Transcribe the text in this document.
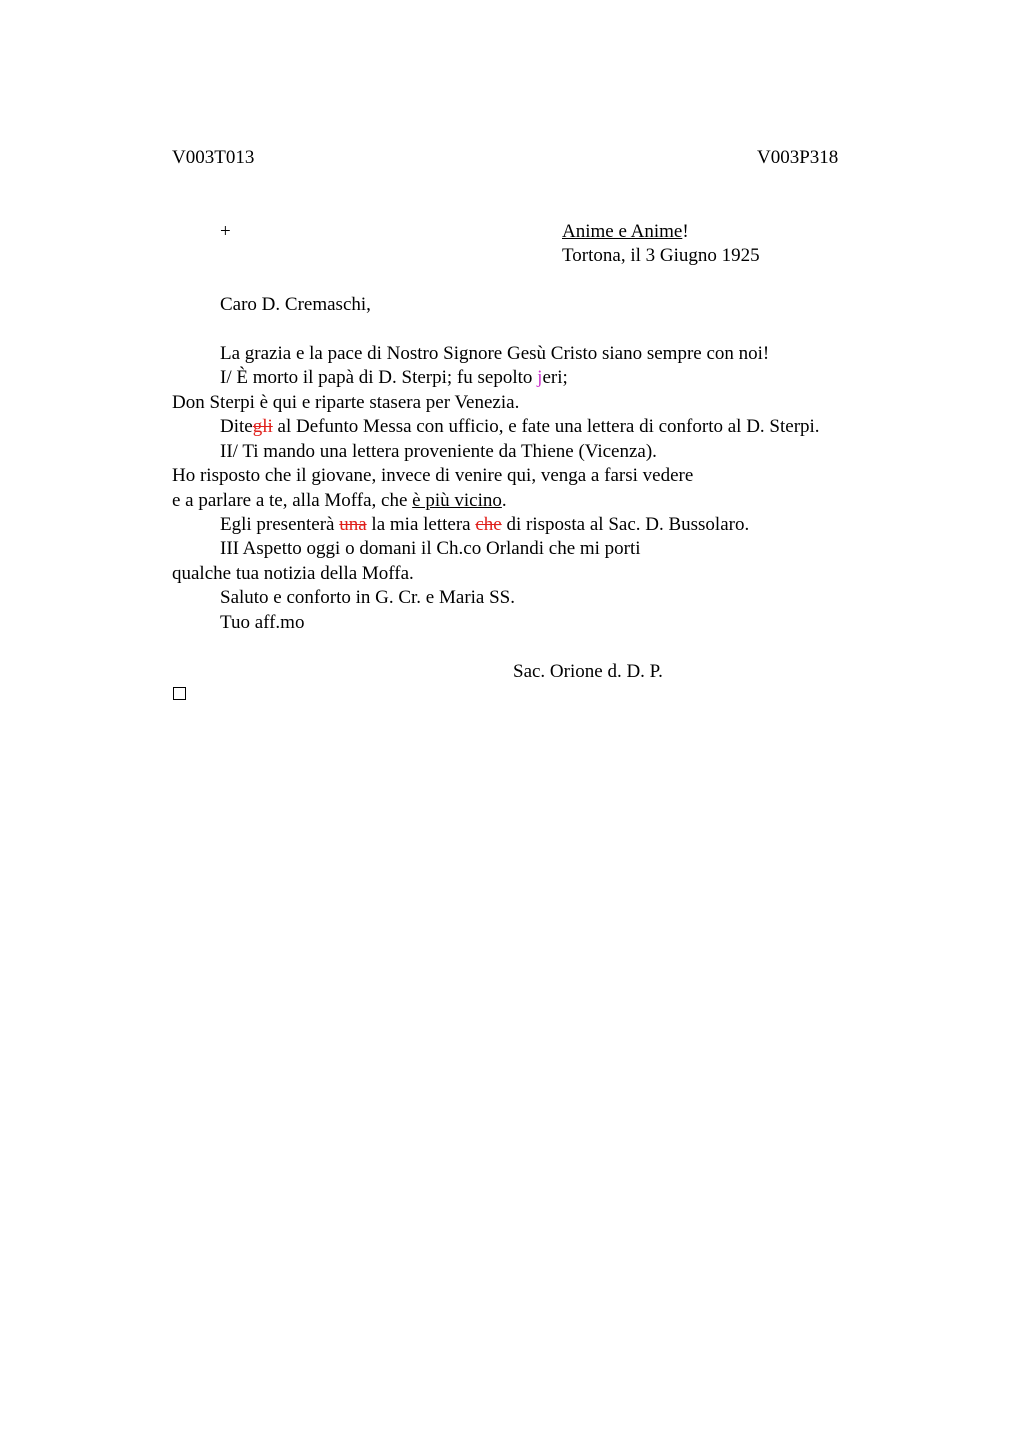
V003T013	V003P318
+	Anime e Anime!
Tortona, il 3 Giugno 1925
Caro D. Cremaschi,
La grazia e la pace di Nostro Signore Gesù Cristo siano sempre con noi!
I/ È morto il papà di D. Sterpi; fu sepolto jeri;
Don Sterpi è qui e riparte stasera per Venezia.
Ditegli al Defunto Messa con ufficio, e fate una lettera di conforto al D. Sterpi.
II/ Ti mando una lettera proveniente da Thiene (Vicenza).
Ho risposto che il giovane, invece di venire qui, venga a farsi vedere
e a parlare a te, alla Moffa, che è più vicino.
Egli presenterà una la mia lettera che di risposta al Sac. D. Bussolaro.
III Aspetto oggi o domani il Ch.co Orlandi che mi porti
qualche tua notizia della Moffa.
Saluto e conforto in G. Cr. e Maria SS.
Tuo aff.mo
Sac. Orione d. D. P.
